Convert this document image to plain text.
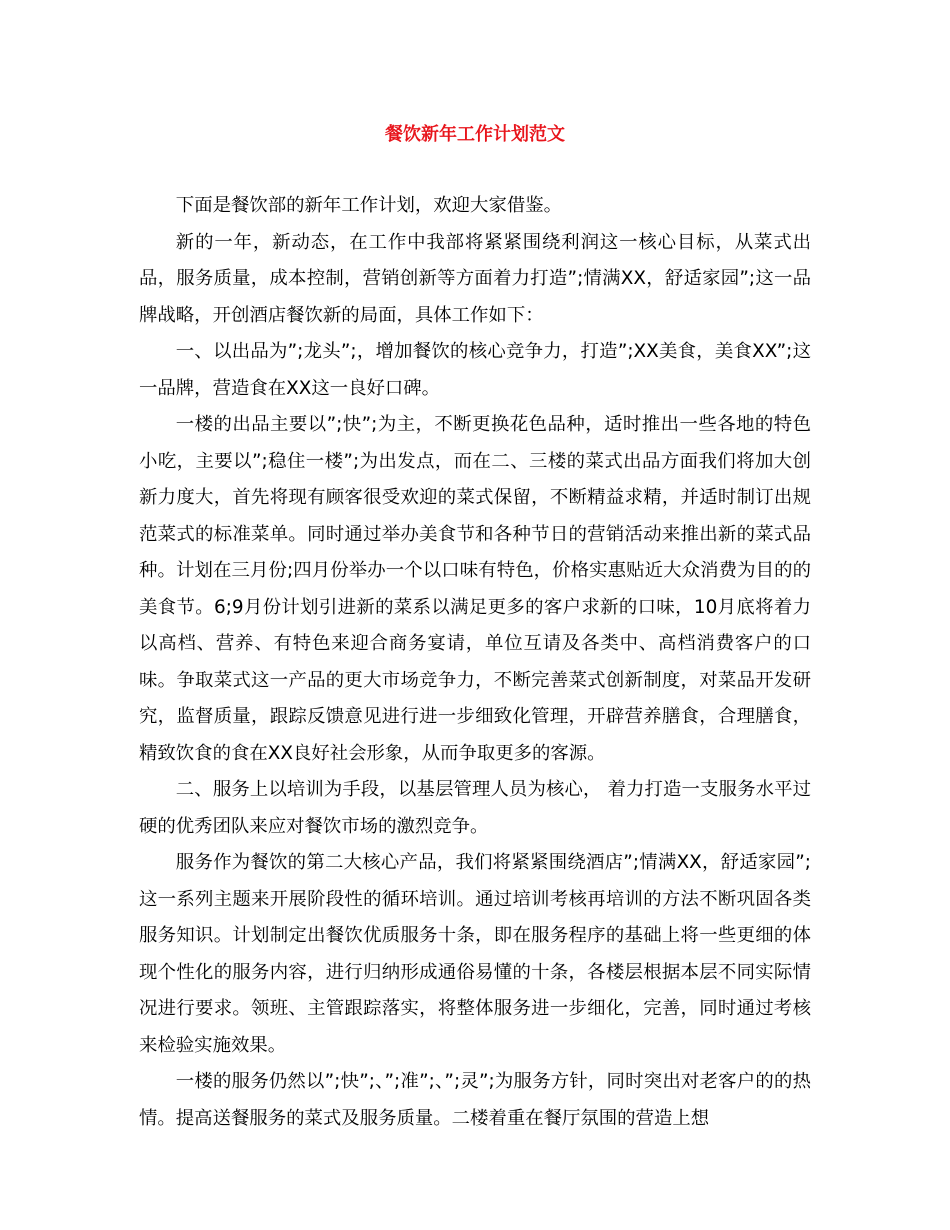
餐饮新年工作计划范文

下面是餐饮部的新年工作计划，欢迎大家借鉴。

新的一年，新动态，在工作中我部将紧紧围绕利润这一核心目标，从菜式出品，服务质量，成本控制，营销创新等方面着力打造”;情满XX，舒适家园”;这一品牌战略，开创酒店餐饮新的局面，具体工作如下：

一、以出品为”;龙头”;，增加餐饮的核心竞争力，打造”;XX美食，美食XX”;这一品牌，营造食在XX这一良好口碑。

一楼的出品主要以”;快”;为主，不断更换花色品种，适时推出一些各地的特色小吃，主要以”;稳住一楼”;为出发点，而在二、三楼的菜式出品方面我们将加大创新力度大，首先将现有顾客很受欢迎的菜式保留，不断精益求精，并适时制订出规范菜式的标准菜单。同时通过举办美食节和各种节日的营销活动来推出新的菜式品种。计划在三月份;四月份举办一个以口味有特色，价格实惠贴近大众消费为目的的美食节。6;9月份计划引进新的菜系以满足更多的客户求新的口味，10月底将着力以高档、营养、有特色来迎合商务宴请，单位互请及各类中、高档消费客户的口味。争取菜式这一产品的更大市场竞争力，不断完善菜式创新制度，对菜品开发研究，监督质量，跟踪反馈意见进行进一步细致化管理，开辟营养膳食，合理膳食，精致饮食的食在XX良好社会形象，从而争取更多的客源。

二、服务上以培训为手段，以基层管理人员为核心， 着力打造一支服务水平过硬的优秀团队来应对餐饮市场的激烈竞争。

服务作为餐饮的第二大核心产品，我们将紧紧围绕酒店”;情满XX，舒适家园”;这一系列主题来开展阶段性的循环培训。通过培训考核再培训的方法不断巩固各类服务知识。计划制定出餐饮优质服务十条，即在服务程序的基础上将一些更细的体现个性化的服务内容，进行归纳形成通俗易懂的十条，各楼层根据本层不同实际情况进行要求。领班、主管跟踪落实，将整体服务进一步细化，完善，同时通过考核来检验实施效果。

一楼的服务仍然以”;快”;、”;准”;、”;灵”;为服务方针，同时突出对老客户的的热情。提高送餐服务的菜式及服务质量。二楼着重在餐厅氛围的营造上想
